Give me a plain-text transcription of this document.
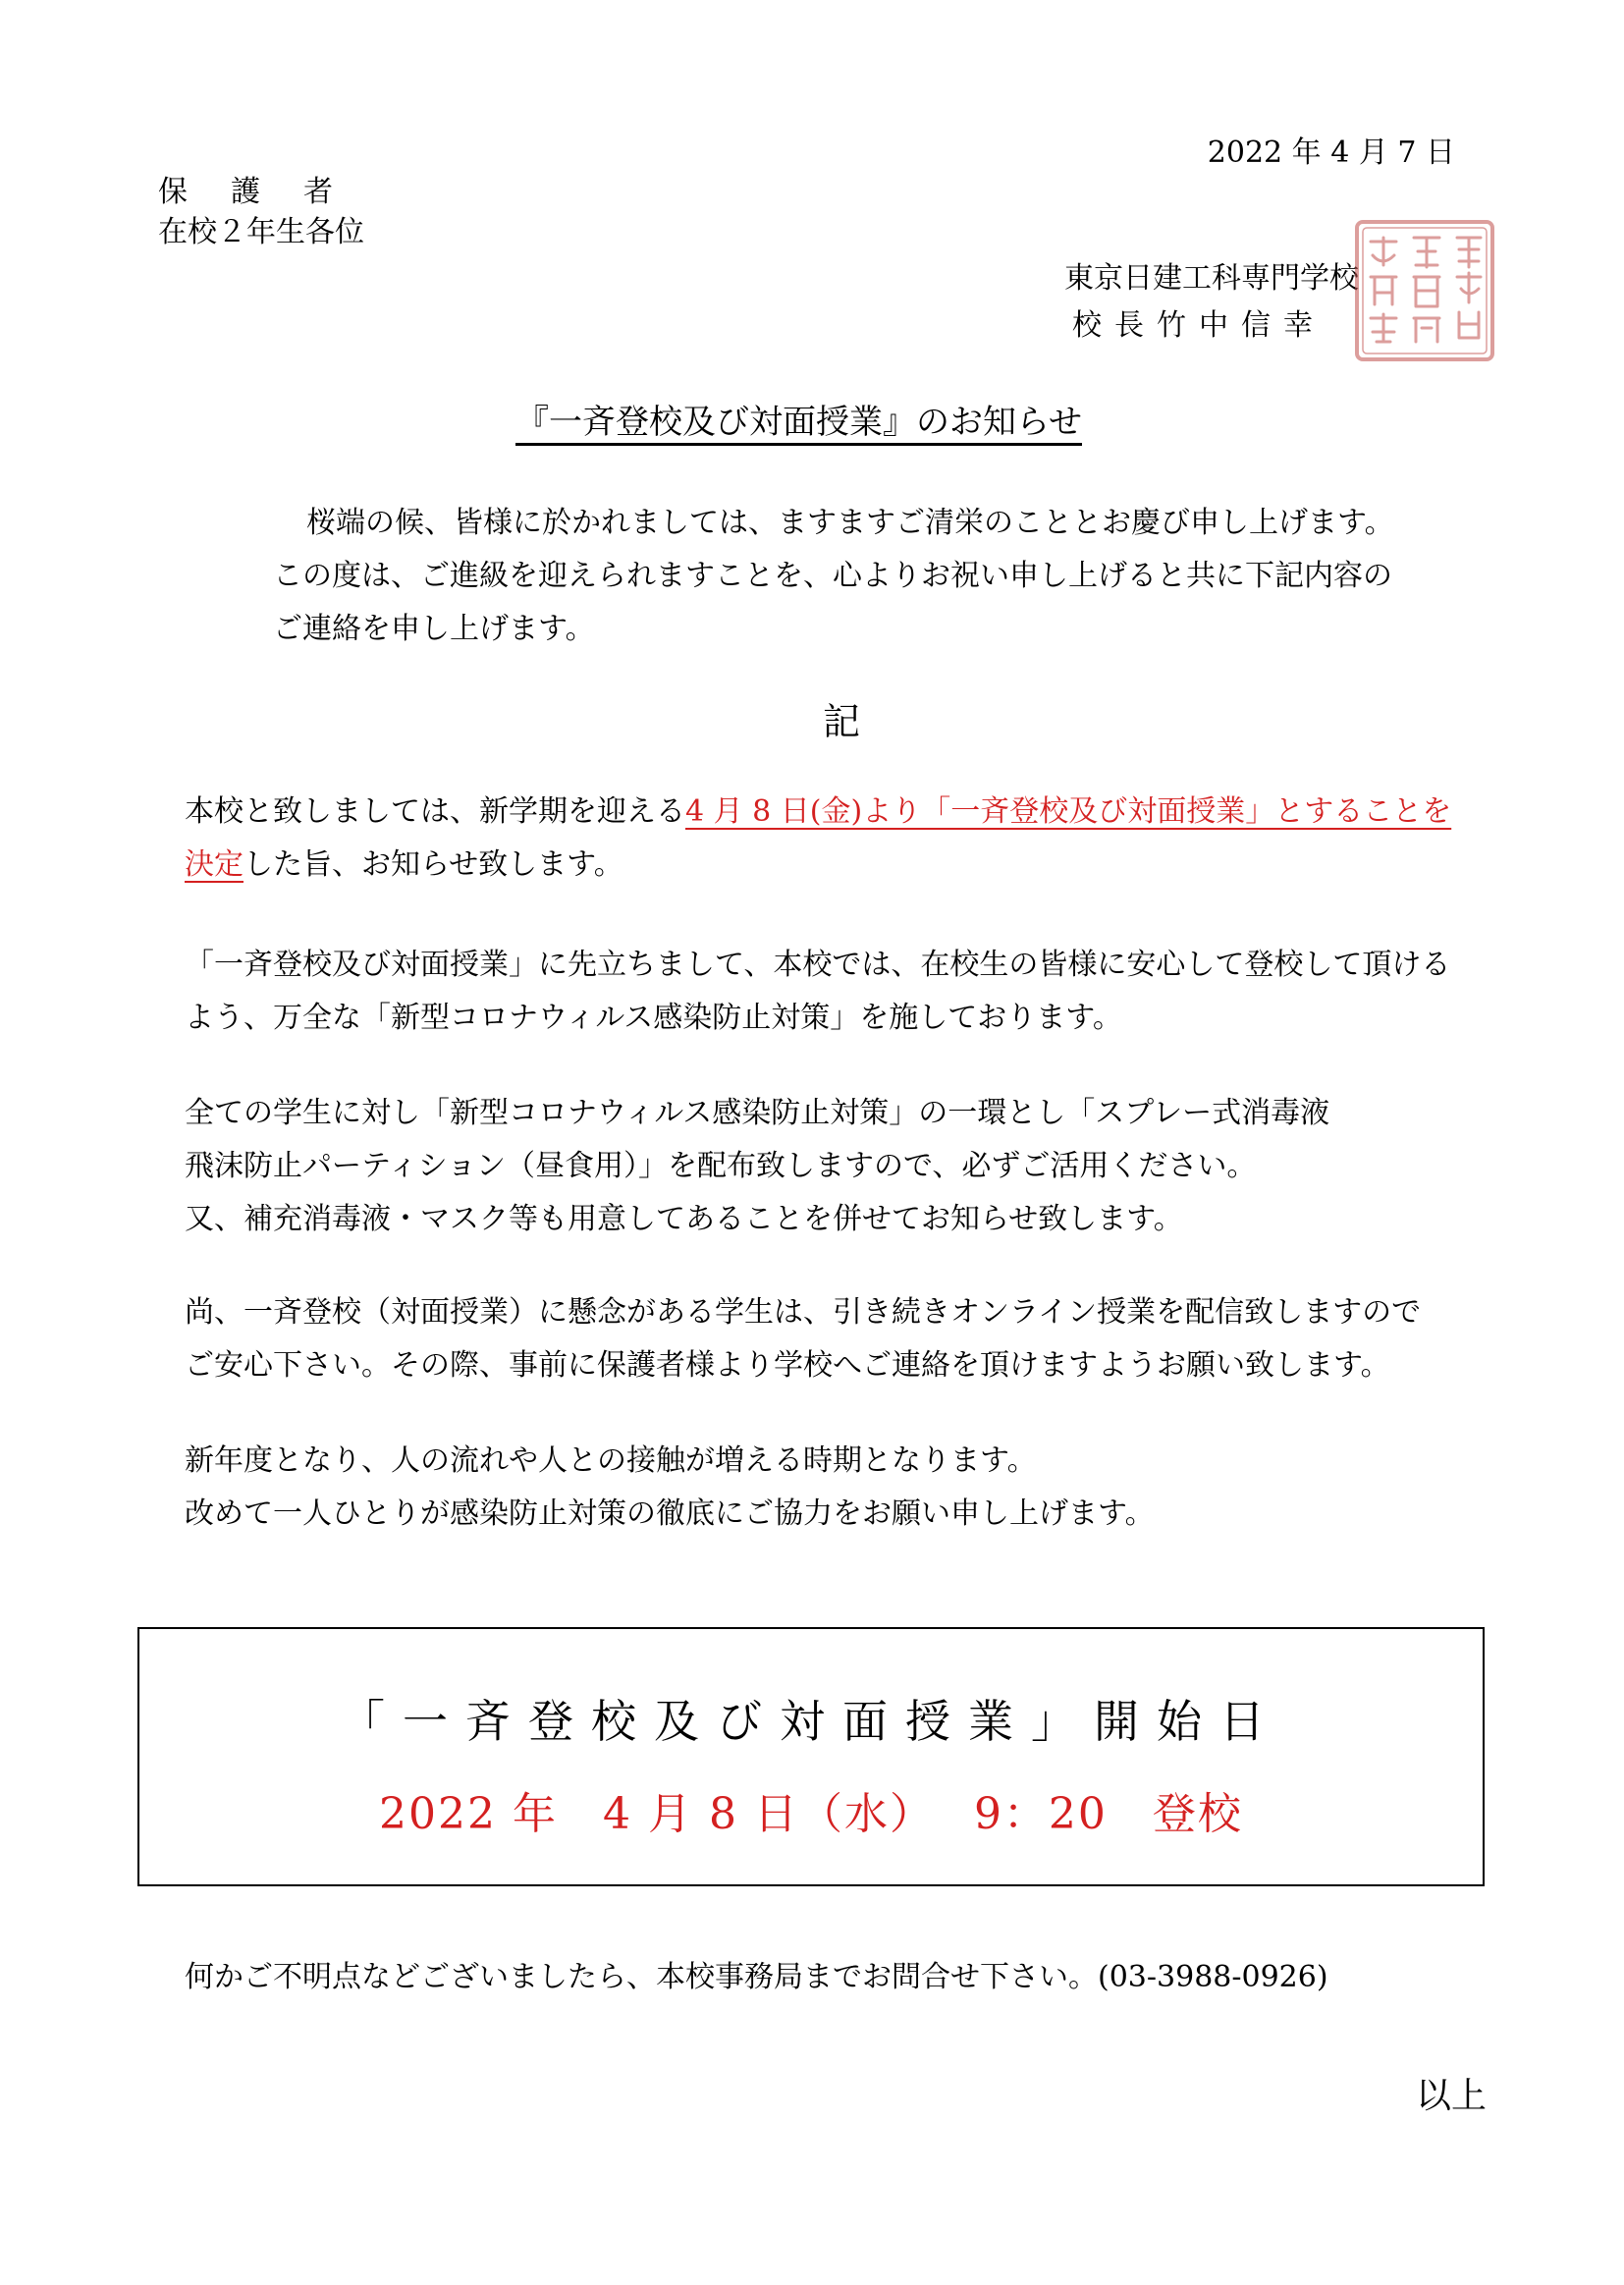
2022 年 4 月 7 日
保護者
在校２年生各位
東京日建工科専門学校
校長竹中信幸
『一斉登校及び対面授業』のお知らせ
桜端の候、皆様に於かれましては、ますますご清栄のこととお慶び申し上げます。
この度は、ご進級を迎えられますことを、心よりお祝い申し上げると共に下記内容の
ご連絡を申し上げます。
記
本校と致しましては、新学期を迎える4 月 8 日(金)より「一斉登校及び対面授業」とすることを
決定した旨、お知らせ致します。
「一斉登校及び対面授業」に先立ちまして、本校では、在校生の皆様に安心して登校して頂ける
よう、万全な「新型コロナウィルス感染防止対策」を施しております。
全ての学生に対し「新型コロナウィルス感染防止対策」の一環とし「スプレー式消毒液
飛沫防止パーティション（昼食用）」を配布致しますので、必ずご活用ください。
又、補充消毒液・マスク等も用意してあることを併せてお知らせ致します。
尚、一斉登校（対面授業）に懸念がある学生は、引き続きオンライン授業を配信致しますので
ご安心下さい。その際、事前に保護者様より学校へご連絡を頂けますようお願い致します。
新年度となり、人の流れや人との接触が増える時期となります。
改めて一人ひとりが感染防止対策の徹底にご協力をお願い申し上げます。
「一斉登校及び対面授業」開始日
2022 年　4 月 8 日（水）　 9：20　登校
何かご不明点などございましたら、本校事務局までお問合せ下さい。(03-3988-0926)
以上
